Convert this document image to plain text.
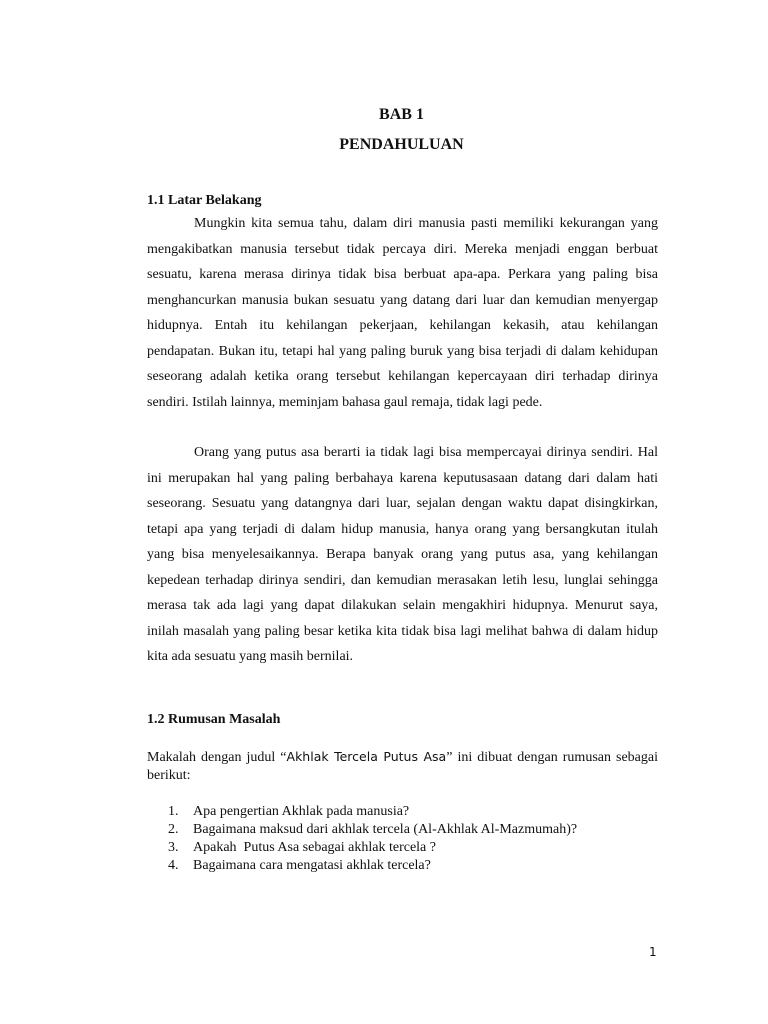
BAB 1
PENDAHULUAN
1.1 Latar Belakang

Mungkin kita semua tahu, dalam diri manusia pasti memiliki kekurangan yang mengakibatkan manusia tersebut tidak percaya diri. Mereka menjadi enggan berbuat sesuatu, karena merasa dirinya tidak bisa berbuat apa-apa. Perkara yang paling bisa menghancurkan manusia bukan sesuatu yang datang dari luar dan kemudian menyergap hidupnya. Entah itu kehilangan pekerjaan, kehilangan kekasih, atau kehilangan pendapatan. Bukan itu, tetapi hal yang paling buruk yang bisa terjadi di dalam kehidupan seseorang adalah ketika orang tersebut kehilangan kepercayaan diri terhadap dirinya sendiri. Istilah lainnya, meminjam bahasa gaul remaja, tidak lagi pede.

Orang yang putus asa berarti ia tidak lagi bisa mempercayai dirinya sendiri. Hal ini merupakan hal yang paling berbahaya karena keputusasaan datang dari dalam hati seseorang. Sesuatu yang datangnya dari luar, sejalan dengan waktu dapat disingkirkan, tetapi apa yang terjadi di dalam hidup manusia, hanya orang yang bersangkutan itulah yang bisa menyelesaikannya. Berapa banyak orang yang putus asa, yang kehilangan kepedean terhadap dirinya sendiri, dan kemudian merasakan letih lesu, lunglai sehingga merasa tak ada lagi yang dapat dilakukan selain mengakhiri hidupnya. Menurut saya, inilah masalah yang paling besar ketika kita tidak bisa lagi melihat bahwa di dalam hidup kita ada sesuatu yang masih bernilai.

1.2 Rumusan Masalah

Makalah dengan judul “Akhlak Tercela Putus Asa” ini dibuat dengan rumusan sebagai berikut:

1.	Apa pengertian Akhlak pada manusia?
2.	Bagaimana maksud dari akhlak tercela (Al-Akhlak Al-Mazmumah)?
3.	Apakah  Putus Asa sebagai akhlak tercela ?
4.	Bagaimana cara mengatasi akhlak tercela?
1
